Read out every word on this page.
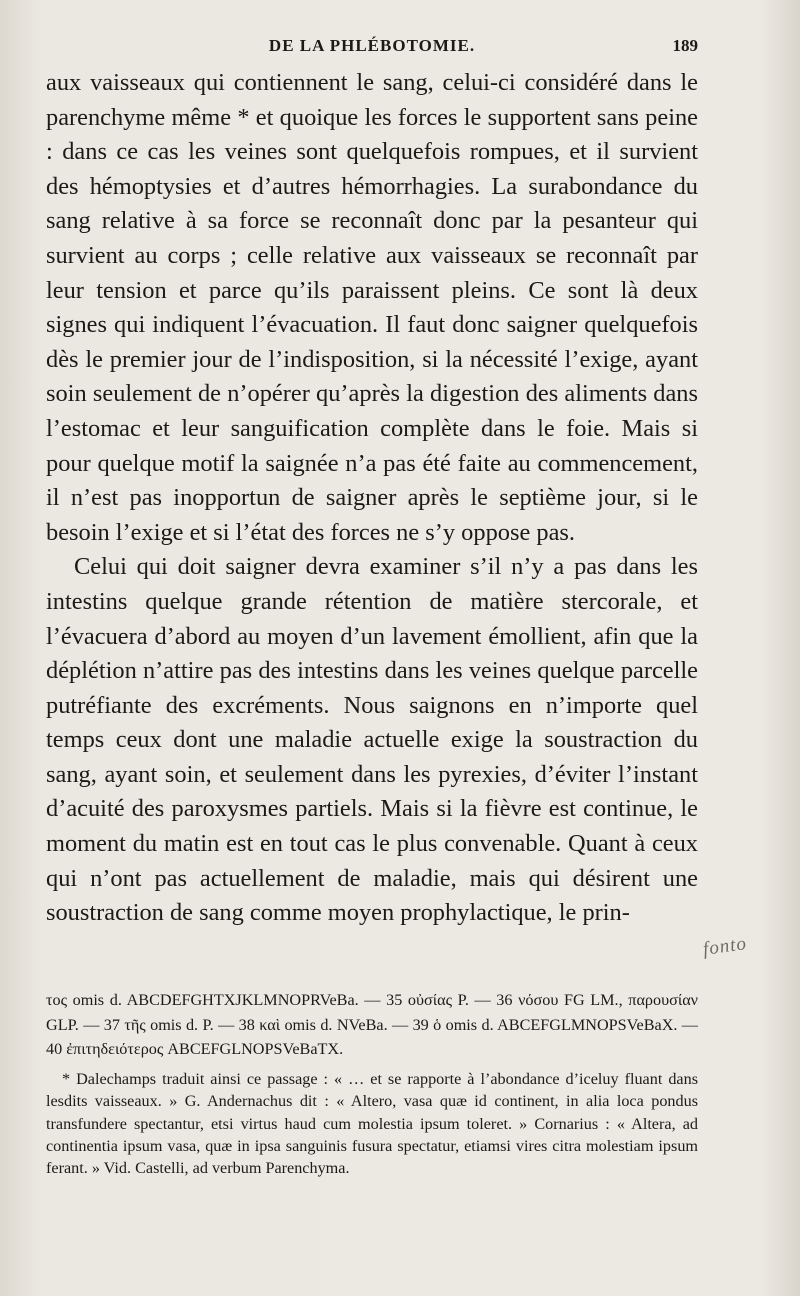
DE LA PHLÉBOTOMIE.	189

aux vaisseaux qui contiennent le sang, celui-ci considéré dans le parenchyme même * et quoique les forces le supportent sans peine : dans ce cas les veines sont quelquefois rompues, et il survient des hémoptysies et d’autres hémorrhagies. La surabondance du sang relative à sa force se reconnaît donc par la pesanteur qui survient au corps ; celle relative aux vaisseaux se reconnaît par leur tension et parce qu’ils paraissent pleins. Ce sont là deux signes qui indiquent l’évacuation. Il faut donc saigner quelquefois dès le premier jour de l’indisposition, si la nécessité l’exige, ayant soin seulement de n’opérer qu’après la digestion des aliments dans l’estomac et leur sanguification complète dans le foie. Mais si pour quelque motif la saignée n’a pas été faite au commencement, il n’est pas inopportun de saigner après le septième jour, si le besoin l’exige et si l’état des forces ne s’y oppose pas.

Celui qui doit saigner devra examiner s’il n’y a pas dans les intestins quelque grande rétention de matière stercorale, et l’évacuera d’abord au moyen d’un lavement émollient, afin que la déplétion n’attire pas des intestins dans les veines quelque parcelle putréfiante des excréments. Nous saignons en n’importe quel temps ceux dont une maladie actuelle exige la soustraction du sang, ayant soin, et seulement dans les pyrexies, d’éviter l’instant d’acuité des paroxysmes partiels. Mais si la fièvre est continue, le moment du matin est en tout cas le plus convenable. Quant à ceux qui n’ont pas actuellement de maladie, mais qui désirent une soustraction de sang comme moyen prophylactique, le prin-

fonto

τος omis d. ABCDEFGHTXJKLMNOPRVeBa. — 35 οὐσίας P. — 36 νόσου FG LM., παρουσίαν GLP. — 37 τῆς omis d. P. — 38 καὶ omis d. NVeBa. — 39 ὁ omis d. ABCEFGLMNOPSVeBaX. — 40 ἐπιτηδειότερος ABCEFGLNOPSVeBaTX.

* Dalechamps traduit ainsi ce passage : « … et se rapporte à l’abondance d’iceluy fluant dans lesdits vaisseaux. » G. Andernachus dit : « Altero, vasa quæ id continent, in alia loca pondus transfundere spectantur, etsi virtus haud cum molestia ipsum toleret. » Cornarius : « Altera, ad continentia ipsum vasa, quæ in ipsa sanguinis fusura spectatur, etiamsi vires citra molestiam ipsum ferant. » Vid. Castelli, ad verbum Parenchyma.
